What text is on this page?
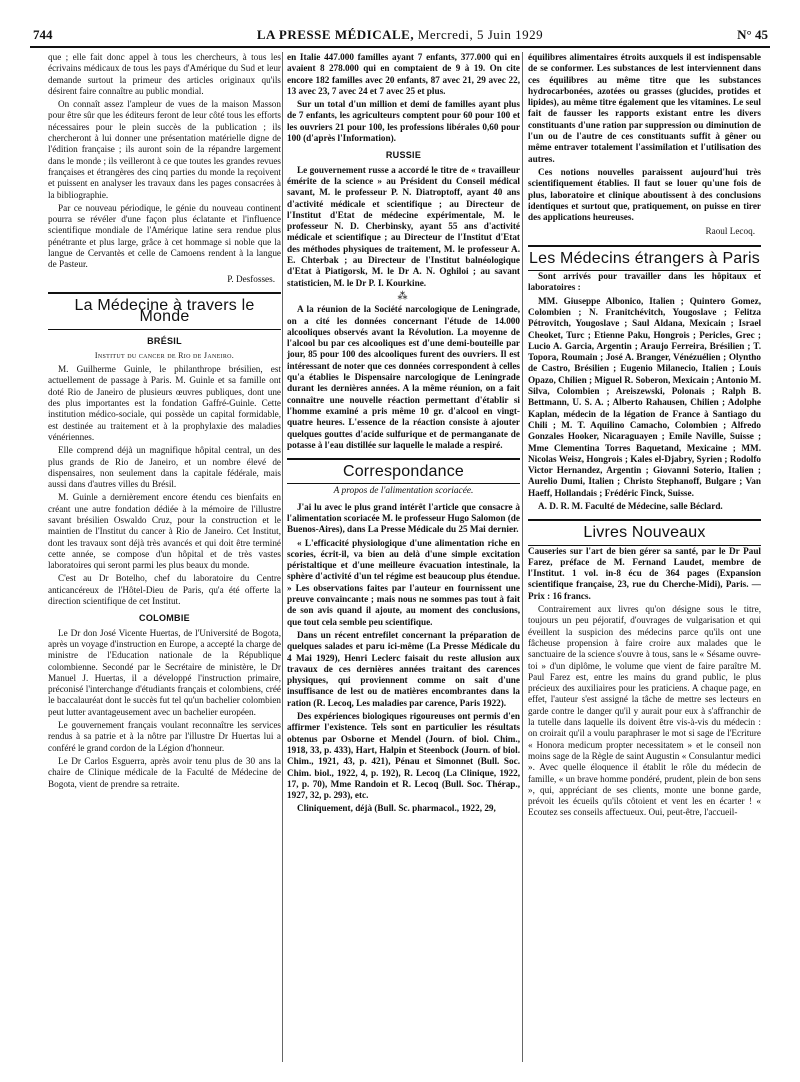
744	LA PRESSE MÉDICALE, Mercredi, 5 Juin 1929	N° 45

que ; elle fait donc appel à tous les chercheurs, à tous les écrivains médicaux de tous les pays d'Amérique du Sud et leur demande surtout la primeur des articles originaux qu'ils désirent faire connaître au public mondial.

On connaît assez l'ampleur de vues de la maison Masson pour être sûr que les éditeurs feront de leur côté tous les efforts nécessaires pour le plein succès de la publication ; ils chercheront à lui donner une présentation matérielle digne de l'édition française ; ils auront soin de la répandre largement dans le monde ; ils veilleront à ce que toutes les grandes revues françaises et étrangères des cinq parties du monde la reçoivent et puissent en analyser les travaux dans les pages consacrées à la bibliographie.

Par ce nouveau périodique, le génie du nouveau continent pourra se révéler d'une façon plus éclatante et l'influence scientifique mondiale de l'Amérique latine sera rendue plus pénétrante et plus large, grâce à cet hommage si noble que la langue de Cervantès et celle de Camoens rendent à la langue de Pasteur.

P. Desfosses.
La Médecine à travers le Monde
BRÉSIL
Institut du cancer de Rio de Janeiro.

M. Guilherme Guinle, le philanthrope brésilien, est actuellement de passage à Paris. M. Guinle et sa famille ont doté Rio de Janeiro de plusieurs œuvres publiques, dont une des plus importantes est la fondation Gaffré-Guinle. Cette institution médico-sociale, qui possède un capital formidable, est destinée au traitement et à la prophylaxie des maladies vénériennes.

Elle comprend déjà un magnifique hôpital central, un des plus grands de Rio de Janeiro, et un nombre élevé de dispensaires, non seulement dans la capitale fédérale, mais aussi dans d'autres villes du Brésil.

M. Guinle a dernièrement encore étendu ces bienfaits en créant une autre fondation dédiée à la mémoire de l'illustre savant brésilien Oswaldo Cruz, pour la construction et le maintien de l'Institut du cancer à Rio de Janeiro. Cet Institut, dont les travaux sont déjà très avancés et qui doit être terminé cette année, se compose d'un hôpital et de très vastes laboratoires qui seront parmi les plus beaux du monde.

C'est au Dr Botelho, chef du laboratoire du Centre anticancéreux de l'Hôtel-Dieu de Paris, qu'a été offerte la direction scientifique de cet Institut.

COLOMBIE

Le Dr don José Vicente Huertas, de l'Université de Bogota, après un voyage d'instruction en Europe, a accepté la charge de ministre de l'Education nationale de la République colombienne. Secondé par le Secrétaire de ministère, le Dr Manuel J. Huertas, il a développé l'instruction primaire, préconisé l'interchange d'étudiants français et colombiens, créé le baccalauréat dont le succès fut tel qu'un bachelier colombien peut lutter avantageusement avec un bachelier européen.

Le gouvernement français voulant reconnaître les services rendus à sa patrie et à la nôtre par l'illustre Dr Huertas lui a conféré le grand cordon de la Légion d'honneur.

Le Dr Carlos Esguerra, après avoir tenu plus de 30 ans la chaire de Clinique médicale de la Faculté de Médecine de Bogota, vient de prendre sa retraite.

en Italie 447.000 familles ayant 7 enfants, 377.000 qui en avaient 8 278.000 qui en comptaient de 9 à 19. On cite encore 182 familles avec 20 enfants, 87 avec 21, 29 avec 22, 13 avec 23, 7 avec 24 et 7 avec 25 et plus.

Sur un total d'un million et demi de familles ayant plus de 7 enfants, les agriculteurs comptent pour 60 pour 100 et les ouvriers 21 pour 100, les professions libérales 0,60 pour 100 (d'après l'Information).

RUSSIE

Le gouvernement russe a accordé le titre de « travailleur émérite de la science » au Président du Conseil médical savant, M. le professeur P. N. Diatroptoff, ayant 40 ans d'activité médicale et scientifique ; au Directeur de l'Institut d'Etat de médecine expérimentale, M. le professeur N. D. Cherbinsky, ayant 55 ans d'activité médicale et scientifique ; au Directeur de l'Institut d'Etat des méthodes physiques de traitement, M. le professeur A. E. Chterbak ; au Directeur de l'Institut balnéologique d'Etat à Piatigorsk, M. le Dr A. N. Oghiloi ; au savant statisticien, M. le Dr P. I. Kourkine.

⁂

A la réunion de la Société narcologique de Leningrade, on a cité les données concernant l'étude de 14.000 alcooliques observés avant la Révolution. La moyenne de l'alcool bu par ces alcooliques est d'une demi-bouteille par jour, 85 pour 100 des alcooliques furent des ouvriers. Il est intéressant de noter que ces données correspondent à celles qu'a établies le Dispensaire narcologique de Leningrade durant les dernières années. A la même réunion, on a fait connaître une nouvelle réaction permettant d'établir si l'homme examiné a pris même 10 gr. d'alcool en vingt-quatre heures. L'essence de la réaction consiste à ajouter quelques gouttes d'acide sulfurique et de permanganate de potasse à l'eau distillée sur laquelle le malade a respiré.

Correspondance
A propos de l'alimentation scoriacée.

J'ai lu avec le plus grand intérêt l'article que consacre à l'alimentation scoriacée M. le professeur Hugo Salomon (de Buenos-Aires), dans La Presse Médicale du 25 Mai dernier.

« L'efficacité physiologique d'une alimentation riche en scories, écrit-il, va bien au delà d'une simple excitation péristaltique et d'une meilleure évacuation intestinale, la sphère d'activité d'un tel régime est beaucoup plus étendue. » Les observations faites par l'auteur en fournissent une preuve convaincante ; mais nous ne sommes pas tout à fait de son avis quand il ajoute, au moment des conclusions, que tout cela semble peu scientifique.

Dans un récent entrefilet concernant la préparation de quelques salades et paru ici-même (La Presse Médicale du 4 Mai 1929), Henri Leclerc faisait du reste allusion aux travaux de ces dernières années traitant des carences physiques, qui proviennent comme on sait d'une insuffisance de lest ou de matières encombrantes dans la ration (R. Lecoq, Les maladies par carence, Paris 1922).

Des expériences biologiques rigoureuses ont permis d'en affirmer l'existence. Tels sont en particulier les résultats obtenus par Osborne et Mendel (Journ. of biol. Chim., 1918, 33, p. 433), Hart, Halpin et Steenbock (Journ. of biol. Chim., 1921, 43, p. 421), Pénau et Simonnet (Bull. Soc. Chim. biol., 1922, 4, p. 192), R. Lecoq (La Clinique, 1922, 17, p. 70), Mme Randoin et R. Lecoq (Bull. Soc. Thérap., 1927, 32, p. 293), etc.

Cliniquement, déjà (Bull. Sc. pharmacol., 1922, 29,

équilibres alimentaires étroits auxquels il est indispensable de se conformer. Les substances de lest interviennent dans ces équilibres au même titre que les substances hydrocarbonées, azotées ou grasses (glucides, protides et lipides), au même titre également que les vitamines. Le seul fait de fausser les rapports existant entre les divers constituants d'une ration par suppression ou diminution de l'un ou de l'autre de ces constituants suffit à gêner ou même entraver totalement l'assimilation et l'utilisation des autres.

Ces notions nouvelles paraissent aujourd'hui très scientifiquement établies. Il faut se louer qu'une fois de plus, laboratoire et clinique aboutissent à des conclusions identiques et surtout que, pratiquement, on puisse en tirer des applications heureuses.

Raoul Lecoq.
Les Médecins étrangers à Paris

Sont arrivés pour travailler dans les hôpitaux et laboratoires :

MM. Giuseppe Albonico, Italien ; Quintero Gomez, Colombien ; N. Franitchévitch, Yougoslave ; Felitza Pétrovitch, Yougoslave ; Saul Aldana, Mexicain ; Israel Cheoket, Turc ; Etienne Paku, Hongrois ; Pericles, Grec ; Lucio A. Garcia, Argentin ; Araujo Ferreira, Brésilien ; T. Topora, Roumain ; José A. Branger, Vénézuélien ; Olyntho de Castro, Brésilien ; Eugenio Milanecio, Italien ; Louis Opazo, Chilien ; Miguel R. Soberon, Mexicain ; Antonio M. Silva, Colombien ; Areiszewski, Polonais ; Ralph B. Bettmann, U. S. A. ; Alberto Rahausen, Chilien ; Adolphe Kaplan, médecin de la légation de France à Santiago du Chili ; M. T. Aquilino Camacho, Colombien ; Alfredo Gonzales Hooker, Nicaraguayen ; Emile Naville, Suisse ; Mme Clementina Torres Baquetand, Mexicaine ; MM. Nicolas Weisz, Hongrois ; Kales el-Djabry, Syrien ; Rodolfo Victor Hernandez, Argentin ; Giovanni Soterio, Italien ; Aurelio Dumi, Italien ; Christo Stephanoff, Bulgare ; Van Haeff, Hollandais ; Frédéric Finck, Suisse.

A. D. R. M. Faculté de Médecine, salle Béclard.

Livres Nouveaux

Causeries sur l'art de bien gérer sa santé, par le Dr Paul Farez, préface de M. Fernand Laudet, membre de l'Institut. 1 vol. in-8 écu de 364 pages (Expansion scientifique française, 23, rue du Cherche-Midi), Paris. — Prix : 16 francs.

Contrairement aux livres qu'on désigne sous le titre, toujours un peu péjoratif, d'ouvrages de vulgarisation et qui éveillent la suspicion des médecins parce qu'ils ont une fâcheuse propension à faire croire aux malades que le sanctuaire de la science s'ouvre à tous, sans le « Sésame ouvre-toi » d'un diplôme, le volume que vient de faire paraître M. Paul Farez est, entre les mains du grand public, le plus précieux des auxiliaires pour les praticiens. A chaque page, en effet, l'auteur s'est assigné la tâche de mettre ses lecteurs en garde contre le danger qu'il y aurait pour eux à s'affranchir de la tutelle dans laquelle ils doivent être vis-à-vis du médecin : on croirait qu'il a voulu paraphraser le mot si sage de l'Ecriture « Honora medicum propter necessitatem » et le conseil non moins sage de la Règle de saint Augustin « Consulantur medici ». Avec quelle éloquence il établit le rôle du médecin de famille, « un brave homme pondéré, prudent, plein de bon sens », qui, appréciant de ses clients, monte une bonne garde, prévoit les écueils qu'ils côtoient et vent les en écarter ! « Ecoutez ses conseils affectueux. Oui, peut-être, l'accueil-
